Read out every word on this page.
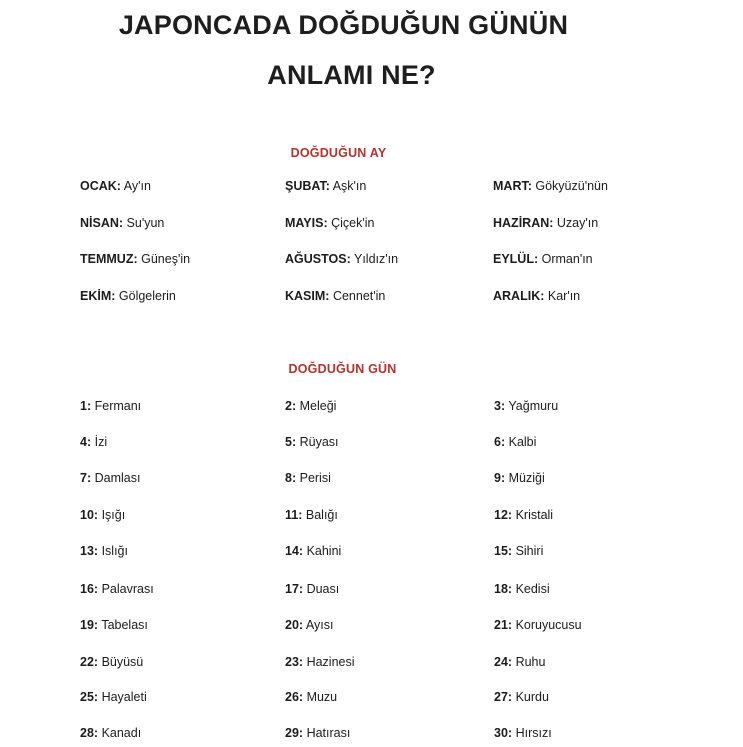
JAPONCADA DOĞDUĞUN GÜNÜN
ANLAMI NE?
DOĞDUĞUN AY
OCAK: Ay'ın	ŞUBAT: Aşk'ın	MART: Gökyüzü'nün
NİSAN: Su'yun	MAYIS: Çiçek'in	HAZİRAN: Uzay'ın
TEMMUZ: Güneş'in	AĞUSTOS: Yıldız'ın	EYLÜL: Orman'ın
EKİM: Gölgelerin	KASIM: Cennet'in	ARALIK: Kar'ın
DOĞDUĞUN GÜN
1: Fermanı	2: Meleği	3: Yağmuru
4: İzi	5: Rüyası	6: Kalbi
7: Damlası	8: Perisi	9: Müziği
10: Işığı	11: Balığı	12: Kristali
13: Islığı	14: Kahini	15: Sihiri
16: Palavrası	17: Duası	18: Kedisi
19: Tabelası	20: Ayısı	21: Koruyucusu
22: Büyüsü	23: Hazinesi	24: Ruhu
25: Hayaleti	26: Muzu	27: Kurdu
28: Kanadı	29: Hatırası	30: Hırsızı
